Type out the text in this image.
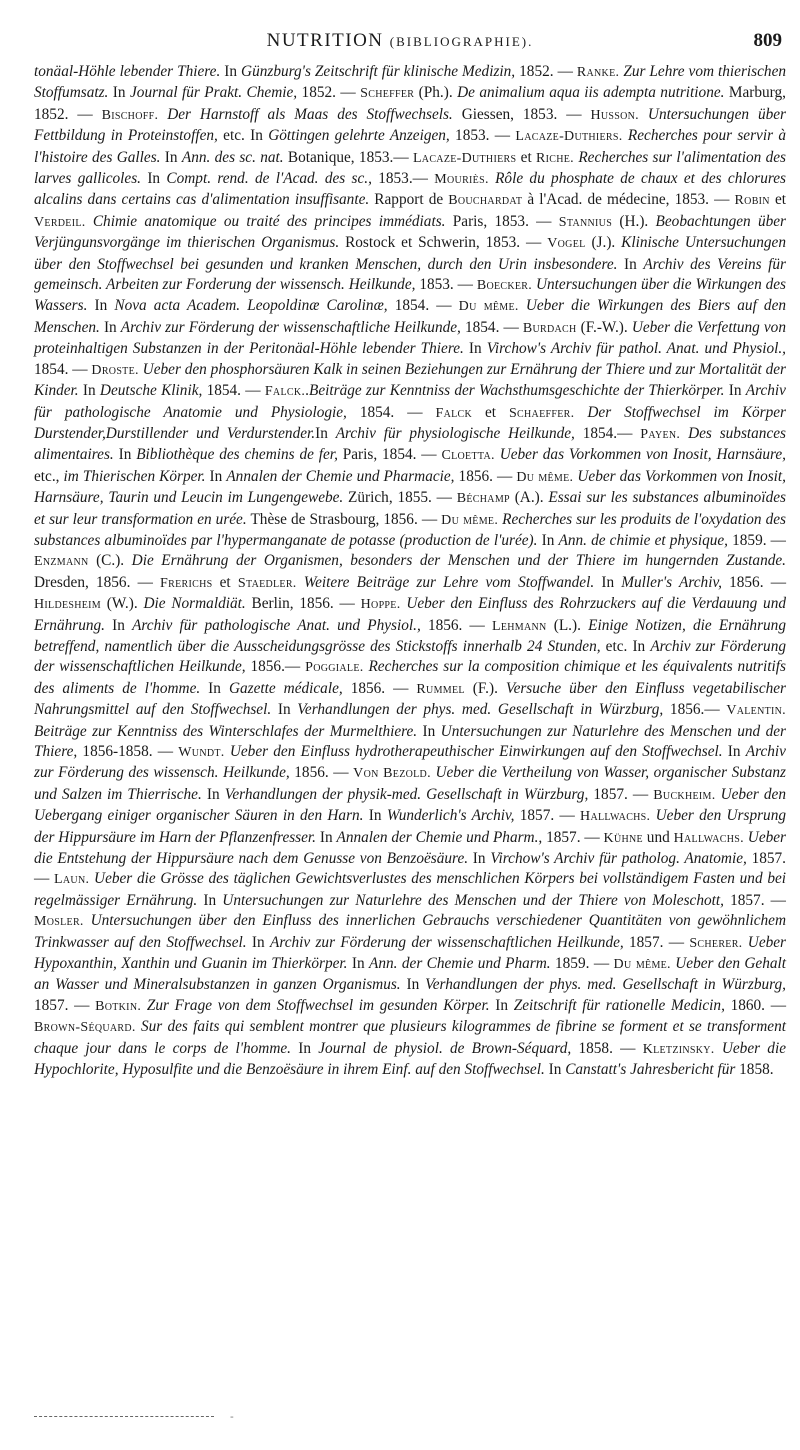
NUTRITION (BIBLIOGRAPHIE).	809

tonäal-Höhle lebender Thiere. In Günzburg's Zeitschrift für klinische Medizin, 1852. — Ranke. Zur Lehre vom thierischen Stoffumsatz. In Journal für Prakt. Chemie, 1852. — Scheffer (Ph.). De animalium aqua iis adempta nutritione. Marburg, 1852. — Bischoff. Der Harnstoff als Maas des Stoffwechsels. Giessen, 1853. — Husson. Untersuchungen über Fettbildung in Proteinstoffen, etc. In Göttingen gelehrte Anzeigen, 1853. — Lacaze-Duthiers. Recherches pour servir à l'histoire des Galles. In Ann. des sc. nat. Botanique, 1853.— Lacaze-Duthiers et Riche. Recherches sur l'alimentation des larves gallicoles. In Compt. rend. de l'Acad. des sc., 1853.— Mouriès. Rôle du phosphate de chaux et des chlorures alcalins dans certains cas d'alimentation insuffisante. Rapport de Bouchardat à l'Acad. de médecine, 1853. — Robin et Verdeil. Chimie anatomique ou traité des principes immédiats. Paris, 1853. — Stannius (H.). Beobachtungen über Verjüngunsvorgänge im thierischen Organismus. Rostock et Schwerin, 1853. — Vogel (J.). Klinische Untersuchungen über den Stoffwechsel bei gesunden und kranken Menschen, durch den Urin insbesondere. In Archiv des Vereins für gemeinsch. Arbeiten zur Forderung der wissensch. Heilkunde, 1853. — Boecker. Untersuchungen über die Wirkungen des Wassers. In Nova acta Academ. Leopoldinæ Carolinæ, 1854. — Du même. Ueber die Wirkungen des Biers auf den Menschen. In Archiv zur Förderung der wissenschaftliche Heilkunde, 1854. — Burdach (F.-W.). Ueber die Verfettung von proteinhaltigen Substanzen in der Peritonäal-Höhle lebender Thiere. In Virchow's Archiv für pathol. Anat. und Physiol., 1854. — Droste. Ueber den phosphorsäuren Kalk in seinen Beziehungen zur Ernährung der Thiere und zur Mortalität der Kinder. In Deutsche Klinik, 1854. — Falck..Beiträge zur Kenntniss der Wachsthumsgeschichte der Thierkörper. In Archiv für pathologische Anatomie und Physiologie, 1854. — Falck et Schaeffer. Der Stoffwechsel im Körper Durstender,Durstillender und Verdurstender.In Archiv für physiologische Heilkunde, 1854.— Payen. Des substances alimentaires. In Bibliothèque des chemins de fer, Paris, 1854. — Cloetta. Ueber das Vorkommen von Inosit, Harnsäure, etc., im Thierischen Körper. In Annalen der Chemie und Pharmacie, 1856. — Du même. Ueber das Vorkommen von Inosit, Harnsäure, Taurin und Leucin im Lungengewebe. Zürich, 1855. — Béchamp (A.). Essai sur les substances albuminoïdes et sur leur transformation en urée. Thèse de Strasbourg, 1856. — Du même. Recherches sur les produits de l'oxydation des substances albuminoïdes par l'hypermanganate de potasse (production de l'urée). In Ann. de chimie et physique, 1859. — Enzmann (C.). Die Ernährung der Organismen, besonders der Menschen und der Thiere im hungernden Zustande. Dresden, 1856. — Frerichs et Staedler. Weitere Beiträge zur Lehre vom Stoffwandel. In Muller's Archiv, 1856. — Hildesheim (W.). Die Normaldiät. Berlin, 1856. — Hoppe. Ueber den Einfluss des Rohrzuckers auf die Verdauung und Ernährung. In Archiv für pathologische Anat. und Physiol., 1856. — Lehmann (L.). Einige Notizen, die Ernährung betreffend, namentlich über die Ausscheidungsgrösse des Stickstoffs innerhalb 24 Stunden, etc. In Archiv zur Förderung der wissenschaftlichen Heilkunde, 1856.— Poggiale. Recherches sur la composition chimique et les équivalents nutritifs des aliments de l'homme. In Gazette médicale, 1856. — Rummel (F.). Versuche über den Einfluss vegetabilischer Nahrungsmittel auf den Stoffwechsel. In Verhandlungen der phys. med. Gesellschaft in Würzburg, 1856.— Valentin. Beiträge zur Kenntniss des Winterschlafes der Murmelthiere. In Untersuchungen zur Naturlehre des Menschen und der Thiere, 1856-1858. — Wundt. Ueber den Einfluss hydrotherapeuthischer Einwirkungen auf den Stoffwechsel. In Archiv zur Förderung des wissensch. Heilkunde, 1856. — Von Bezold. Ueber die Vertheilung von Wasser, organischer Substanz und Salzen im Thierrische. In Verhandlungen der physik-med. Gesellschaft in Würzburg, 1857. — Buckheim. Ueber den Uebergang einiger organischer Säuren in den Harn. In Wunderlich's Archiv, 1857. — Hallwachs. Ueber den Ursprung der Hippursäure im Harn der Pflanzenfresser. In Annalen der Chemie und Pharm., 1857. — Kühne und Hallwachs. Ueber die Entstehung der Hippursäure nach dem Genusse von Benzoësäure. In Virchow's Archiv für patholog. Anatomie, 1857. — Laun. Ueber die Grösse des täglichen Gewichtsverlustes des menschlichen Körpers bei vollständigem Fasten und bei regelmässiger Ernährung. In Untersuchungen zur Naturlehre des Menschen und der Thiere von Moleschott, 1857. — Mosler. Untersuchungen über den Einfluss des innerlichen Gebrauchs verschiedener Quantitäten von gewöhnlichem Trinkwasser auf den Stoffwechsel. In Archiv zur Förderung der wissenschaftlichen Heilkunde, 1857. — Scherer. Ueber Hypoxanthin, Xanthin und Guanin im Thierkörper. In Ann. der Chemie und Pharm. 1859. — Du même. Ueber den Gehalt an Wasser und Mineralsubstanzen in ganzen Organismus. In Verhandlungen der phys. med. Gesellschaft in Würzburg, 1857. — Botkin. Zur Frage von dem Stoffwechsel im gesunden Körper. In Zeitschrift für rationelle Medicin, 1860. — Brown-Séquard. Sur des faits qui semblent montrer que plusieurs kilogrammes de fibrine se forment et se transforment chaque jour dans le corps de l'homme. In Journal de physiol. de Brown-Séquard, 1858. — Kletzinsky. Ueber die Hypochlorite, Hyposulfite und die Benzoësäure in ihrem Einf. auf den Stoffwechsel. In Canstatt's Jahresbericht für 1858.

-
